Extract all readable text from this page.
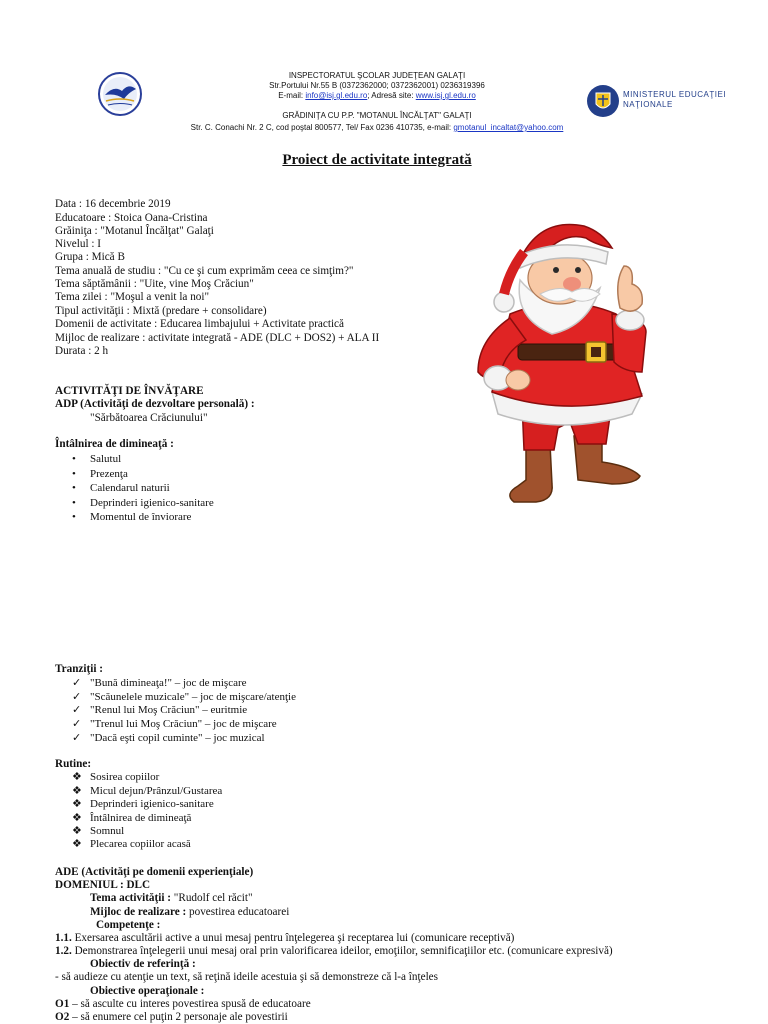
INSPECTORATUL ŞCOLAR JUDEŢEAN GALAŢI
Str.Portului Nr.55 B (0372362000; 0372362001) 0236319396
E-mail: info@isj.gl.edu.ro; Adresă site: www.isj.gl.edu.ro
GRĂDINIŢA CU P.P. "MOTANUL ÎNCĂLŢAT" GALAŢI
Str. C. Conachi Nr. 2 C, cod poştal 800577, Tel/ Fax 0236 410735, e-mail: gmotanul_incaltat@yahoo.com
MINISTERUL EDUCAŢIEI
NAŢIONALE
Proiect de activitate integrată
Data : 16 decembrie 2019
Educatoare : Stoica Oana-Cristina
Grăiniţa : "Motanul Încălţat" Galaţi
Nivelul : I
Grupa : Mică B
Tema anuală de studiu : "Cu ce şi cum exprimăm ceea ce simţim?"
Tema săptămânii : "Uite, vine Moş Crăciun"
Tema zilei : "Moşul a venit la noi"
Tipul activităţii : Mixtă (predare + consolidare)
Domenii de activitate : Educarea limbajului + Activitate practică
Mijloc de realizare : activitate integrată - ADE (DLC + DOS2) + ALA II
Durata : 2 h
ACTIVITĂŢI DE ÎNVĂŢARE
ADP (Activităţi de dezvoltare personală) :
"Sărbătoarea Crăciunului"
Întâlnirea de dimineaţă :
• Salutul
• Prezenţa
• Calendarul naturii
• Deprinderi igienico-sanitare
• Momentul de înviorare
Tranziţii :
✓ "Bună dimineaţa!" – joc de mişcare
✓ "Scăunelele muzicale" – joc de mişcare/atenţie
✓ "Renul lui Moş Crăciun" – euritmie
✓ "Trenul lui Moş Crăciun" – joc de mişcare
✓ "Dacă eşti copil cuminte" – joc muzical
Rutine:
❖ Sosirea copiilor
❖ Micul dejun/Prânzul/Gustarea
❖ Deprinderi igienico-sanitare
❖ Întâlnirea de dimineaţă
❖ Somnul
❖ Plecarea copiilor acasă
ADE (Activităţi pe domenii experienţiale)
DOMENIUL : DLC
Tema activităţii : "Rudolf cel răcit"
Mijloc de realizare : povestirea educatoarei
Competenţe :
1.1. Exersarea ascultării active a unui mesaj pentru înţelegerea şi receptarea lui (comunicare receptivă)
1.2. Demonstrarea înţelegerii unui mesaj oral prin valorificarea ideilor, emoţiilor, semnificaţiilor etc. (comunicare expresivă)
Obiectiv de referinţă :
- să audieze cu atenţie un text, să reţină ideile acestuia şi să demonstreze că l-a înţeles
Obiective operaţionale :
O1 – să asculte cu interes povestirea spusă de educatoare
O2 – să enumere cel puţin 2 personaje ale povestirii
